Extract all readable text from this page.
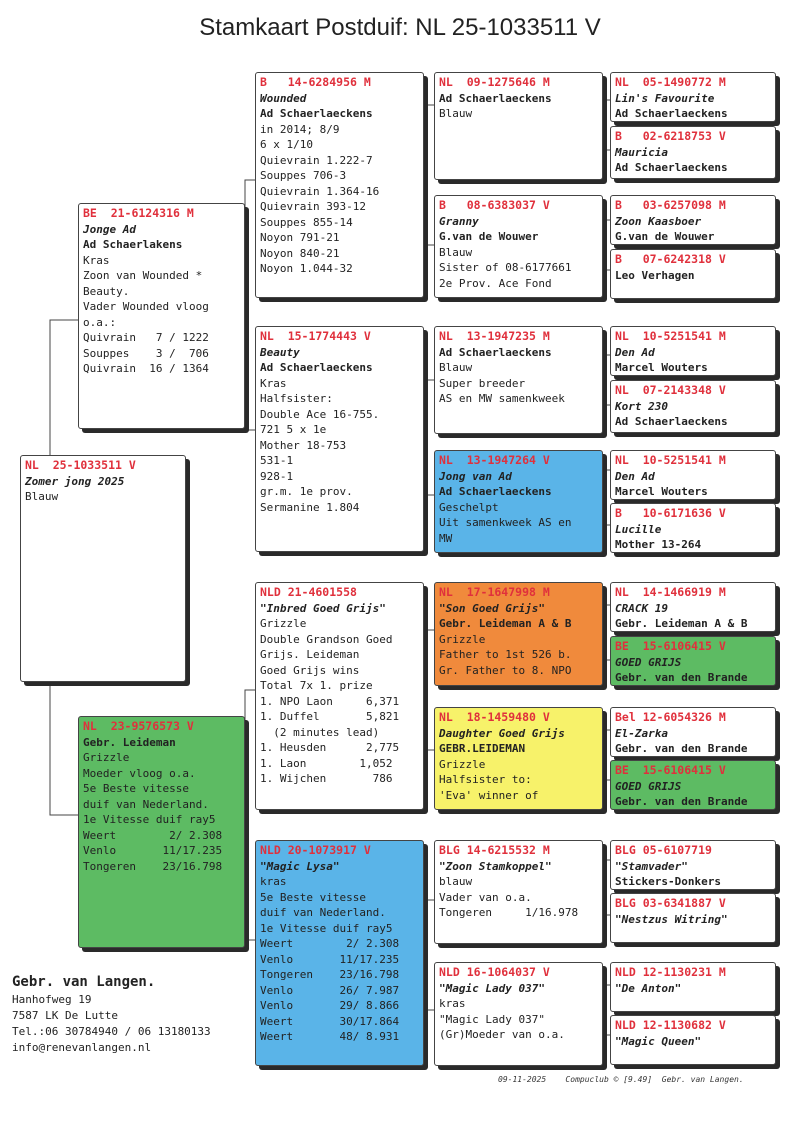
Stamkaart Postduif: NL 25-1033511 V
NL  25-1033511 V
Zomer jong 2025
Blauw
BE  21-6124316 M
Jonge Ad
Ad Schaerlakens
Kras
Zoon van Wounded *
Beauty.
Vader Wounded vloog
o.a.:
Quivrain   7 / 1222
Souppes    3 /  706
Quivrain  16 / 1364
NL  23-9576573 V
Gebr. Leideman
Grizzle
Moeder vloog o.a.
5e Beste vitesse
duif van Nederland.
1e Vitesse duif ray5
Weert        2/ 2.308
Venlo       11/17.235
Tongeren    23/16.798
B   14-6284956 M
Wounded
Ad Schaerlaeckens
in 2014; 8/9
6 x 1/10
Quievrain 1.222-7
Souppes 706-3
Quievrain 1.364-16
Quievrain 393-12
Souppes 855-14
Noyon 791-21
Noyon 840-21
Noyon 1.044-32
NL  15-1774443 V
Beauty
Ad Schaerlaeckens
Kras
Halfsister:
Double Ace 16-755.
721 5 x 1e
Mother 18-753
531-1
928-1
gr.m. 1e prov.
Sermanine 1.804
NLD 21-4601558
"Inbred Goed Grijs"
Grizzle
Double Grandson Goed
Grijs. Leideman
Goed Grijs wins
Total 7x 1. prize
1. NPO Laon     6,371
1. Duffel       5,821
(2 minutes lead)
1. Heusden      2,775
1. Laon        1,052
1. Wijchen       786
NLD 20-1073917 V
"Magic Lysa"
kras
5e Beste vitesse
duif van Nederland.
1e Vitesse duif ray5
Weert        2/ 2.308
Venlo       11/17.235
Tongeren    23/16.798
Venlo       26/ 7.987
Venlo       29/ 8.866
Weert       30/17.864
Weert       48/ 8.931
NL  09-1275646 M
Ad Schaerlaeckens
Blauw
B   08-6383037 V
Granny
G.van de Wouwer
Blauw
Sister of 08-6177661
2e Prov. Ace Fond
NL  13-1947235 M
Ad Schaerlaeckens
Blauw
Super breeder
AS en MW samenkweek
NL  13-1947264 V
Jong van Ad
Ad Schaerlaeckens
Geschelpt
Uit samenkweek AS en
MW
NL  17-1647998 M
"Son Goed Grijs"
Gebr. Leideman A & B
Grizzle
Father to 1st 526 b.
Gr. Father to 8. NPO
NL  18-1459480 V
Daughter Goed Grijs
GEBR.LEIDEMAN
Grizzle
Halfsister to:
'Eva' winner of
BLG 14-6215532 M
"Zoon Stamkoppel"
blauw
Vader van o.a.
Tongeren     1/16.978
NLD 16-1064037 V
"Magic Lady 037"
kras
"Magic Lady 037"
(Gr)Moeder van o.a.
NL  05-1490772 M
Lin's Favourite
Ad Schaerlaeckens
B   02-6218753 V
Mauricia
Ad Schaerlaeckens
B   03-6257098 M
Zoon Kaasboer
G.van de Wouwer
B   07-6242318 V
Leo Verhagen
NL  10-5251541 M
Den Ad
Marcel Wouters
NL  07-2143348 V
Kort 230
Ad Schaerlaeckens
NL  10-5251541 M
Den Ad
Marcel Wouters
B   10-6171636 V
Lucille
Mother 13-264
NL  14-1466919 M
CRACK 19
Gebr. Leideman A & B
BE  15-6106415 V
GOED GRIJS
Gebr. van den Brande
Bel 12-6054326 M
El-Zarka
Gebr. van den Brande
BE  15-6106415 V
GOED GRIJS
Gebr. van den Brande
BLG 05-6107719
"Stamvader"
Stickers-Donkers
BLG 03-6341887 V
"Nestzus Witring"
NLD 12-1130231 M
"De Anton"
NLD 12-1130682 V
"Magic Queen"
Gebr. van Langen.
Hanhofweg 19
7587 LK De Lutte
Tel.:06 30784940 / 06 13180133
info@renevanlangen.nl
09-11-2025    Compuclub © [9.49]  Gebr. van Langen.
